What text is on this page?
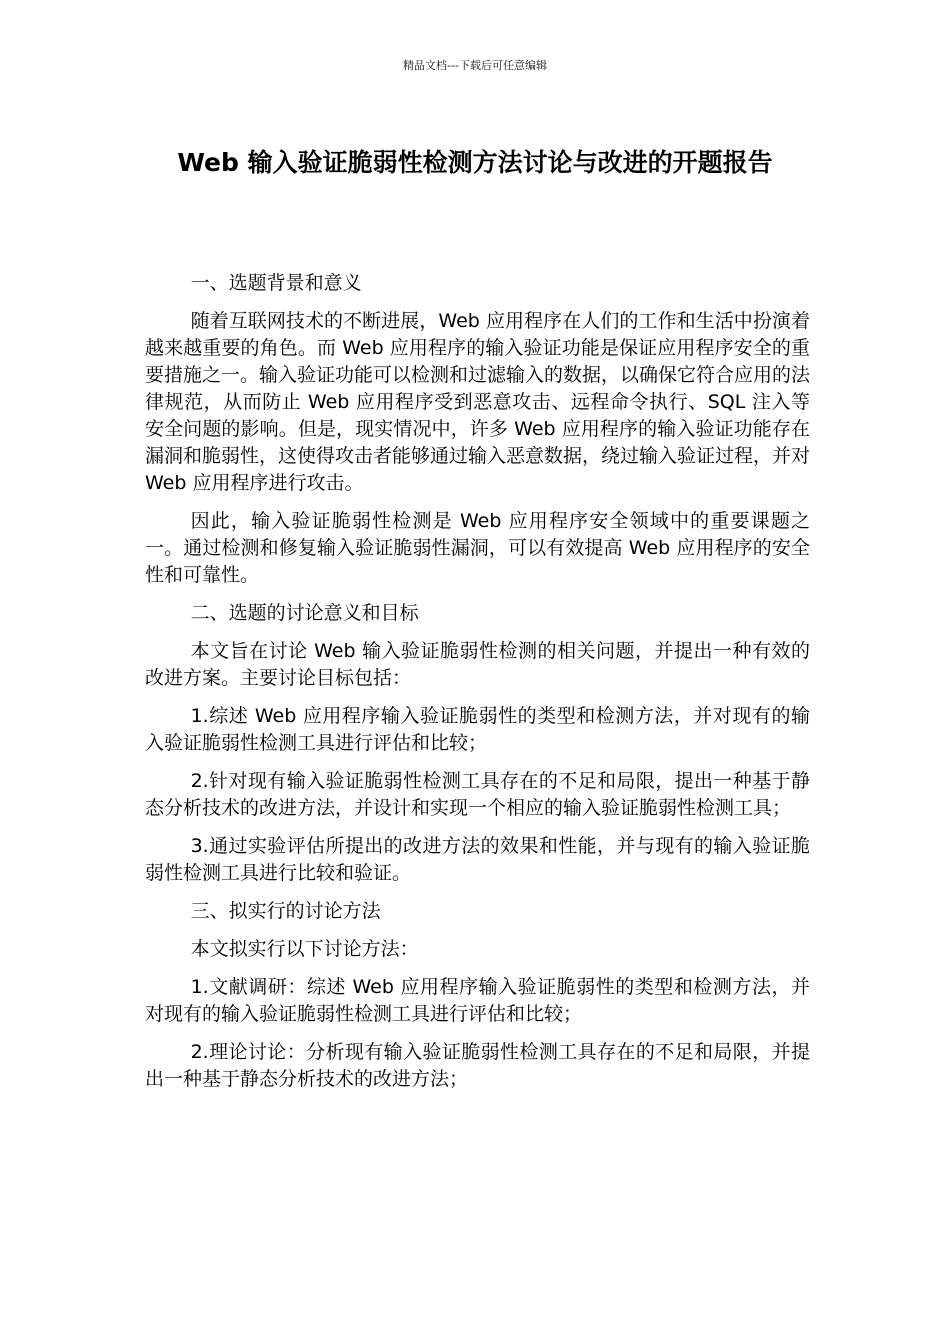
精品文档---下载后可任意编辑
Web 输入验证脆弱性检测方法讨论与改进的开题报告

一、选题背景和意义

随着互联网技术的不断进展，Web 应用程序在人们的工作和生活中扮演着越来越重要的角色。而 Web 应用程序的输入验证功能是保证应用程序安全的重要措施之一。输入验证功能可以检测和过滤输入的数据，以确保它符合应用的法律规范，从而防止 Web 应用程序受到恶意攻击、远程命令执行、SQL 注入等安全问题的影响。但是，现实情况中，许多 Web 应用程序的输入验证功能存在漏洞和脆弱性，这使得攻击者能够通过输入恶意数据，绕过输入验证过程，并对 Web 应用程序进行攻击。

因此，输入验证脆弱性检测是 Web 应用程序安全领域中的重要课题之一。通过检测和修复输入验证脆弱性漏洞，可以有效提高 Web 应用程序的安全性和可靠性。

二、选题的讨论意义和目标

本文旨在讨论 Web 输入验证脆弱性检测的相关问题，并提出一种有效的改进方案。主要讨论目标包括：

1.综述 Web 应用程序输入验证脆弱性的类型和检测方法，并对现有的输入验证脆弱性检测工具进行评估和比较；

2.针对现有输入验证脆弱性检测工具存在的不足和局限，提出一种基于静态分析技术的改进方法，并设计和实现一个相应的输入验证脆弱性检测工具；

3.通过实验评估所提出的改进方法的效果和性能，并与现有的输入验证脆弱性检测工具进行比较和验证。

三、拟实行的讨论方法

本文拟实行以下讨论方法：

1.文献调研：综述 Web 应用程序输入验证脆弱性的类型和检测方法，并对现有的输入验证脆弱性检测工具进行评估和比较；

2.理论讨论：分析现有输入验证脆弱性检测工具存在的不足和局限，并提出一种基于静态分析技术的改进方法；
